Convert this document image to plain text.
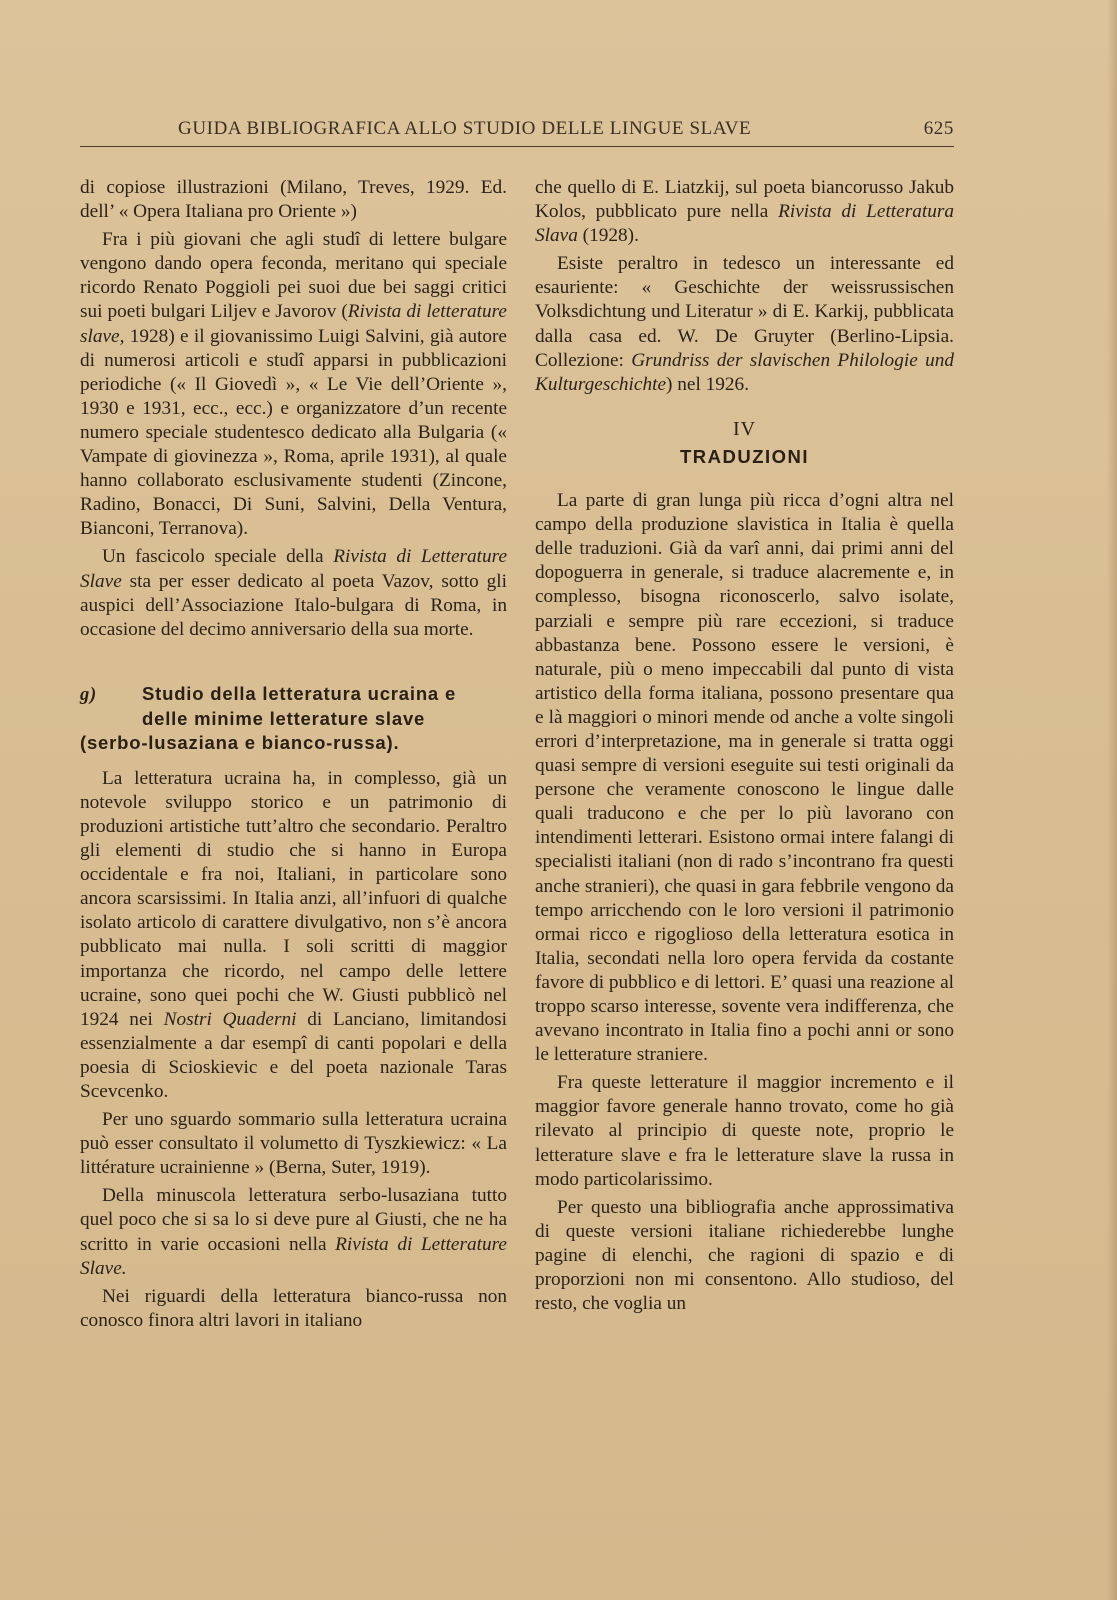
GUIDA BIBLIOGRAFICA ALLO STUDIO DELLE LINGUE SLAVE	625

di copiose illustrazioni (Milano, Treves, 1929. Ed. dell’ « Opera Italiana pro Oriente »)

Fra i più giovani che agli studî di lettere bulgare vengono dando opera feconda, meritano qui speciale ricordo Renato Poggioli pei suoi due bei saggi critici sui poeti bulgari Liljev e Javorov (Rivista di letterature slave, 1928) e il giovanissimo Luigi Salvini, già autore di numerosi articoli e studî apparsi in pubblicazioni periodiche (« Il Giovedì », « Le Vie dell’Oriente », 1930 e 1931, ecc., ecc.) e organizzatore d’un recente numero speciale studentesco dedicato alla Bulgaria (« Vampate di giovinezza », Roma, aprile 1931), al quale hanno collaborato esclusivamente studenti (Zincone, Radino, Bonacci, Di Suni, Salvini, Della Ventura, Bianconi, Terranova).

Un fascicolo speciale della Rivista di Letterature Slave sta per esser dedicato al poeta Vazov, sotto gli auspici dell’Associazione Italo-bulgara di Roma, in occasione del decimo anniversario della sua morte.

g) Studio della letteratura ucraina e delle minime letterature slave
(serbo-lusaziana e bianco-russa).

La letteratura ucraina ha, in complesso, già un notevole sviluppo storico e un patrimonio di produzioni artistiche tutt’altro che secondario. Peraltro gli elementi di studio che si hanno in Europa occidentale e fra noi, Italiani, in particolare sono ancora scarsissimi. In Italia anzi, all’infuori di qualche isolato articolo di carattere divulgativo, non s’è ancora pubblicato mai nulla. I soli scritti di maggior importanza che ricordo, nel campo delle lettere ucraine, sono quei pochi che W. Giusti pubblicò nel 1924 nei Nostri Quaderni di Lanciano, limitandosi essenzialmente a dar esempî di canti popolari e della poesia di Scioskievic e del poeta nazionale Taras Scevcenko.

Per uno sguardo sommario sulla letteratura ucraina può esser consultato il volumetto di Tyszkiewicz: « La littérature ucrainienne » (Berna, Suter, 1919).

Della minuscola letteratura serbo-lusaziana tutto quel poco che si sa lo si deve pure al Giusti, che ne ha scritto in varie occasioni nella Rivista di Letterature Slave.

Nei riguardi della letteratura bianco-russa non conosco finora altri lavori in italiano

che quello di E. Liatzkij, sul poeta biancorusso Jakub Kolos, pubblicato pure nella Rivista di Letteratura Slava (1928).

Esiste peraltro in tedesco un interessante ed esauriente: « Geschichte der weissrussischen Volksdichtung und Literatur » di E. Karkij, pubblicata dalla casa ed. W. De Gruyter (Berlino-Lipsia. Collezione: Grundriss der slavischen Philologie und Kulturgeschichte) nel 1926.

IV
TRADUZIONI

La parte di gran lunga più ricca d’ogni altra nel campo della produzione slavistica in Italia è quella delle traduzioni. Già da varî anni, dai primi anni del dopoguerra in generale, si traduce alacremente e, in complesso, bisogna riconoscerlo, salvo isolate, parziali e sempre più rare eccezioni, si traduce abbastanza bene. Possono essere le versioni, è naturale, più o meno impeccabili dal punto di vista artistico della forma italiana, possono presentare qua e là maggiori o minori mende od anche a volte singoli errori d’interpretazione, ma in generale si tratta oggi quasi sempre di versioni eseguite sui testi originali da persone che veramente conoscono le lingue dalle quali traducono e che per lo più lavorano con intendimenti letterari. Esistono ormai intere falangi di specialisti italiani (non di rado s’incontrano fra questi anche stranieri), che quasi in gara febbrile vengono da tempo arricchendo con le loro versioni il patrimonio ormai ricco e rigoglioso della letteratura esotica in Italia, secondati nella loro opera fervida da costante favore di pubblico e di lettori. E’ quasi una reazione al troppo scarso interesse, sovente vera indifferenza, che avevano incontrato in Italia fino a pochi anni or sono le letterature straniere.

Fra queste letterature il maggior incremento e il maggior favore generale hanno trovato, come ho già rilevato al principio di queste note, proprio le letterature slave e fra le letterature slave la russa in modo particolarissimo.

Per questo una bibliografia anche approssimativa di queste versioni italiane richiederebbe lunghe pagine di elenchi, che ragioni di spazio e di proporzioni non mi consentono. Allo studioso, del resto, che voglia un
